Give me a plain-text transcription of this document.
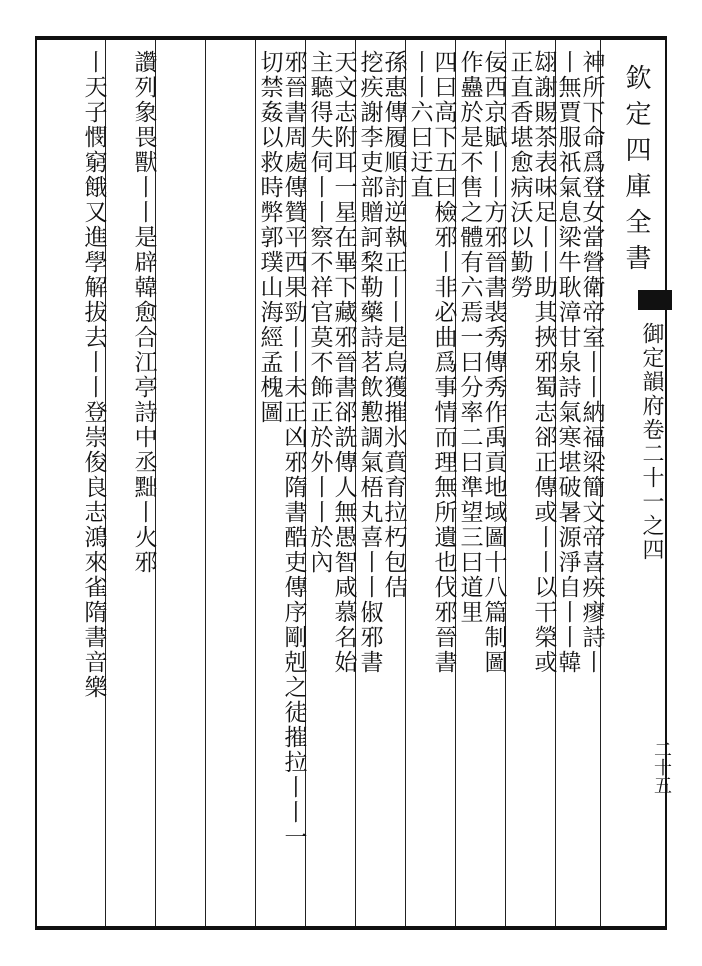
欽定四庫全書
御定韻府卷二十一之四
二十五
神所下命爲登女當營衛帝室丨丨納福梁簡文帝喜疾瘳詩丨
丨無賈服祇氣息梁牛耿漳甘泉詩氣寒堪破暑源淨自丨丨韓
翃謝賜茶表味足丨丨助其挾邪蜀志郤正傳或丨丨以干榮或
正直香堪愈病沃以勤勞
佞西京賦丨丨方邪晉書裴秀傳秀作禹貢地域圖十八篇制圖
作蠱於是不售之體有六焉一曰分率二曰準望三曰道里
四曰高下五曰檢邪丨非必曲爲事情而理無所遺也伐邪晉書
丨丨六曰迂直
孫惠傳履順討逆執正丨丨是烏獲摧氷賁育拉朽包佶
挖疾謝李吏部贈訶棃勒藥詩茗飲懃調氣梧丸喜丨丨俶邪書
天文志附耳一星在畢下藏邪晉書郤詵傳人無愚智咸慕名始
主聽得失伺丨丨察不祥官莫不飾正於外丨丨於內
邪晉書周處傳贊平西果勁丨丨未正凶邪隋書酷吏傳序剛剋之徒摧拉丨丨一
切禁姦以救時弊郭璞山海經孟槐圖
讚列象畏獸丨丨是辟韓愈合江亭詩中丞黜丨火邪
丨天子憫窮餓又進學解拔去丨丨登崇俊良志鴻來雀隋書音樂
